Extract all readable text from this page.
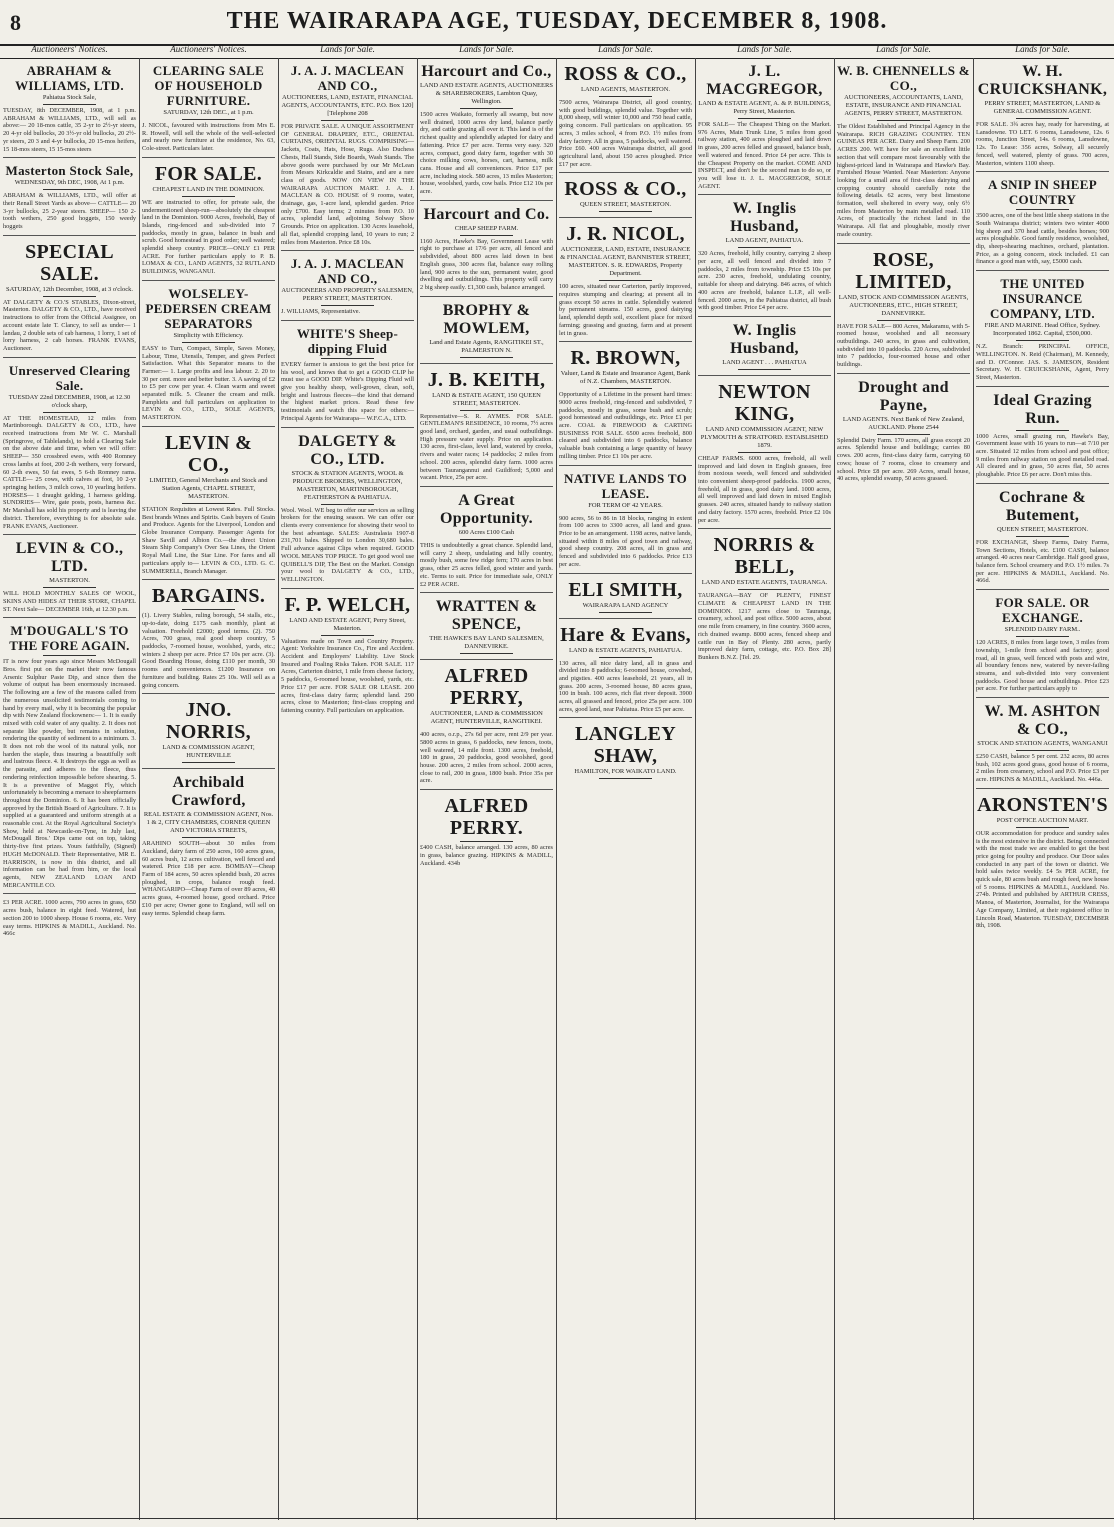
8	THE WAIRARAPA AGE, TUESDAY, DECEMBER 8, 1908.
Auctioneers' Notices.	Auctioneers' Notices.	Lands for Sale.	Lands for Sale.	Lands for Sale.	Lands for Sale.	Lands for Sale.	Lands for Sale.
ABRAHAM & WILLIAMS, LTD.
Pahiatua Stock Sale,

TUESDAY, 8th DECEMBER, 1908, at 1 p.m. ABRAHAM & WILLIAMS, LTD., will sell as above:— 20 18-mos cattle, 35 2-yr to 2½-yr steers, 20 4-yr old bullocks, 20 3½-yr old bullocks, 20 2½-yr steers, 20 3 and 4-yr bullocks, 20 15-mos heifers, 15 18-mos steers, 15 15-mos steers

Masterton Stock Sale,
WEDNESDAY, 9th DEC, 1908, At 1 p.m.

ABRAHAM & WILLIAMS, LTD., will offer at their Renall Street Yards as above— CATTLE— 20 3-yr bullocks, 25 2-year steers. SHEEP— 150 2-tooth wethers, 250 good hoggets, 150 weedy hoggets

SPECIAL SALE.
SATURDAY, 12th December, 1908, at 3 o'clock.

AT DALGETY & CO.'S STABLES, Dixon-street, Masterton. DALGETY & CO., LTD., have received instructions to offer from the Official Assignee, on account estate late T. Clancy, to sell as under— 1 landau, 2 double sets of cab harness, 1 lorry, 1 set of lorry harness, 2 cab horses. FRANK EVANS, Auctioneer.

Unreserved Clearing Sale.
TUESDAY 22nd DECEMBER, 1908, at 12.30 o'clock sharp,

AT THE HOMESTEAD, 12 miles from Martinborough. DALGETY & CO., LTD., have received instructions from Mr W. C. Marshall (Springrove, of Tablelands), to hold a Clearing Sale on the above date and time, when we will offer: SHEEP— 350 crossbred ewes, with 400 Romney cross lambs at foot, 200 2-th wethers, very forward, 60 2-th ewes, 50 fat ewes, 5 6-th Romney rams. CATTLE— 25 cows, with calves at foot, 10 2-yr springing heifers, 3 milch cows, 10 yearling heifers. HORSES— 1 draught gelding, 1 harness gelding. SUNDRIES— Wire, gate posts, posts, harness &c. Mr Marshall has sold his property and is leaving the district. Therefore, everything is for absolute sale. FRANK EVANS, Auctioneer.

LEVIN & CO., LTD.
MASTERTON.

WILL HOLD MONTHLY SALES OF WOOL, SKINS AND HIDES AT THEIR STORE, CHAPEL ST. Next Sale— DECEMBER 16th, at 12.30 p.m.

M'DOUGALL'S TO THE FORE AGAIN.

IT is now four years ago since Messrs McDougall Bros. first put on the market their now famous Arsenic Sulphur Paste Dip, and since then the volume of output has been enormously increased. The following are a few of the reasons called from the numerous unsolicited testimonials coming to hand by every mail, why it is becoming the popular dip with New Zealand flockowners:— 1. It is easily mixed with cold water of any quality. 2. It does not separate like powder, but remains in solution, rendering the quantity of sediment to a minimum. 3. It does not rob the wool of its natural yolk, nor harden the staple, thus insuring a beautifully soft and lustrous fleece. 4. It destroys the eggs as well as the parasite, and adheres to the fleece, thus rendering reinfection impossible before shearing. 5. It is a preventive of Maggot Fly, which unfortunately is becoming a menace to sheepfarmers throughout the Dominion. 6. It has been officially approved by the British Board of Agriculture. 7. It is supplied at a guaranteed and uniform strength at a reasonable cost. At the Royal Agricultural Society's Show, held at Newcastle-on-Tyne, in July last, McDougall Bros.' Dips came out on top, taking thirty-five first prizes. Yours faithfully, (Signed) HUGH McDONALD. Their Representative, MR E. HARRISON, is now in this district, and all information can be had from him, or the local agents, NEW ZEALAND LOAN AND MERCANTILE CO.

£3 PER ACRE. 1000 acres, 790 acres in grass, 650 acres bush, balance in eight feed. Watered, hut section 200 to 1000 sheep. House 6 rooms, etc. Very easy terms. HIPKINS & MADILL, Auckland. No. 466c

CLEARING SALE OF HOUSEHOLD FURNITURE.
SATURDAY, 12th DEC., at 1 p.m.

J. NICOL, favoured with instructions from Mrs E. R. Howell, will sell the whole of the well-selected and nearly new furniture at the residence, No. 63, Cole-street. Particulars later.

FOR SALE.
CHEAPEST LAND IN THE DOMINION.

WE are instructed to offer, for private sale, the undermentioned sheep-run—absolutely the cheapest land in the Dominion. 9000 Acres, freehold, Bay of Islands, ring-fenced and sub-divided into 7 paddocks, mostly in grass, balance in bush and scrub. Good homestead in good order; well watered; splendid sheep country. PRICE—ONLY £1 PER ACRE. For further particulars apply to P. B. LOMAX & CO., LAND AGENTS, 32 RUTLAND BUILDINGS, WANGANUI.

WOLSELEY-PEDERSEN CREAM SEPARATORS
Simplicity with Efficiency.

EASY to Turn, Compact, Simple, Saves Money, Labour, Time, Utensils, Temper, and gives Perfect Satisfaction. What this Separator means to the Farmer:— 1. Large profits and less labour. 2. 20 to 30 per cent. more and better butter. 3. A saving of £2 to £5 per cow per year. 4. Clean warm and sweet separated milk. 5. Cleaner the cream and milk. Pamphlets and full particulars on application to LEVIN & CO., LTD., SOLE AGENTS, MASTERTON.

LEVIN & CO.,
LIMITED, General Merchants and Stock and Station Agents, CHAPEL STREET, MASTERTON.

STATION Requisites at Lowest Rates. Full Stocks. Best brands Wines and Spirits. Cash buyers of Grain and Produce. Agents for the Liverpool, London and Globe Insurance Company. Passenger Agents for Shaw Savill and Albion Co.—the direct Union Steam Ship Company's Over Sea Lines, the Orient Royal Mail Line, the Star Line. For fares and all particulars apply to— LEVIN & CO., LTD. G. C. SUMMERELL, Branch Manager.

BARGAINS.

(1). Livery Stables, ruling borough, 54 stalls, etc., up-to-date, doing £175 cash monthly, plant at valuation. Freehold £2000; good terms. (2). 750 Acres, 700 grass, real good sheep country, 5 paddocks, 7-roomed house, woolshed, yards, etc.; winters 2 sheep per acre. Price £7 10s per acre. (3). Good Boarding House, doing £110 per month, 30 rooms and conveniences. £1200 Insurance on furniture and building. Rates 25 10s. Will sell as a going concern.

JNO. NORRIS,
LAND & COMMISSION AGENT, HUNTERVILLE
Archibald Crawford,
REAL ESTATE & COMMISSION AGENT, Nos. 1 & 2, CITY CHAMBERS, CORNER QUEEN AND VICTORIA STREETS,

ARAHINO SOUTH—about 30 miles from Auckland, dairy farm of 250 acres, 160 acres grass, 60 acres bush, 12 acres cultivation, well fenced and watered. Price £18 per acre. BOMBAY—Cheap Farm of 184 acres, 50 acres splendid bush, 20 acres ploughed, in crops, balance rough feed. WHANGARIPO—Cheap Farm of over 89 acres, 40 acres grass, 4-roomed house, good orchard. Price £10 per acre; Owner gone to England, will sell on easy terms. Splendid cheap farm.

J. A. J. MACLEAN AND CO.,
AUCTIONEERS, LAND, ESTATE, FINANCIAL AGENTS, ACCOUNTANTS, ETC. P.O. Box 120] [Telephone 208

FOR PRIVATE SALE. A UNIQUE ASSORTMENT OF GENERAL DRAPERY, ETC., ORIENTAL CURTAINS, ORIENTAL RUGS. COMPRISING—Jackets, Coats, Hats, Hose, Rugs. Also Duchess Chests, Hall Stands, Side Boards, Wash Stands. The above goods were purchased by our Mr McLean from Messrs Kirkcaldie and Stains, and are a rare class of goods. NOW ON VIEW IN THE WAIRARAPA AUCTION MART. J. A. J. MACLEAN & CO. HOUSE of 9 rooms, water, drainage, gas, 1-acre land, splendid garden. Price only £700. Easy terms; 2 minutes from P.O. 10 acres, splendid land, adjoining Solway Show Grounds. Price on application. 130 Acres leasehold, all flat, splendid cropping land, 10 years to run; 2 miles from Masterton. Price £8 10s.

J. A. J. MACLEAN AND CO.,
AUCTIONEERS AND PROPERTY SALESMEN, PERRY STREET, MASTERTON.

J. WILLIAMS, Representative.

WHITE'S Sheep-dipping Fluid

EVERY farmer is anxious to get the best price for his wool, and knows that to get a GOOD CLIP he must use a GOOD DIP. White's Dipping Fluid will give you healthy sheep, well-grown, clean, soft, bright and lustrous fleeces—the kind that demand the highest market prices. Read these few testimonials and watch this space for others:— Principal Agents for Wairarapa— W.F.C.A., LTD.

DALGETY & CO., LTD.
STOCK & STATION AGENTS, WOOL & PRODUCE BROKERS, WELLINGTON, MASTERTON, MARTINBOROUGH, FEATHERSTON & PAHIATUA.

Wool. Wool. WE beg to offer our services as selling brokers for the ensuing season. We can offer our clients every convenience for showing their wool to the best advantage. SALES: Australasia 1907-8 231,701 bales. Shipped to London 30,680 bales. Full advance against Clips when required. GOOD WOOL MEANS TOP PRICE. To get good wool use QUIBELL'S DIP, The Best on the Market. Consign your wool to DALGETY & CO., LTD., WELLINGTON.

F. P. WELCH,
LAND AND ESTATE AGENT, Perry Street, Masterton.

Valuations made on Town and Country Property. Agent: Yorkshire Insurance Co., Fire and Accident. Accident and Employers' Liability. Live Stock Insured and Foaling Risks Taken. FOR SALE. 117 Acres, Carterton district, 1 mile from cheese factory, 5 paddocks, 6-roomed house, woolshed, yards, etc. Price £17 per acre. FOR SALE OR LEASE. 200 acres, first-class dairy farm; splendid land. 290 acres, close to Masterton; first-class cropping and fattening country. Full particulars on application.

Harcourt and Co.,
LAND AND ESTATE AGENTS, AUCTIONEERS & SHAREBROKERS, Lambton Quay, Wellington.

1500 acres Waikato, formerly all swamp, but now well drained, 1000 acres dry land, balance partly dry, and cattle grazing all over it. This land is of the richest quality and splendidly adapted for dairy and fattening. Price £7 per acre. Terms very easy. 320 acres, compact, good dairy farm, together with 30 choice milking cows, horses, cart, harness, milk cans. House and all conveniences. Price £17 per acre, including stock. 580 acres, 13 miles Masterton; house, woolshed, yards, cow bails. Price £12 10s per acre.

Harcourt and Co.
CHEAP SHEEP FARM.

1160 Acres, Hawke's Bay, Government Lease with right to purchase at 17/6 per acre, all fenced and subdivided, about 800 acres laid down in best English grass, 300 acres flat, balance easy rolling land, 900 acres to the sun, permanent water, good dwelling and outbuildings. This property will carry 2 big sheep easily. £1,300 cash, balance arranged.

BROPHY & MOWLEM,
Land and Estate Agents, RANGITIKEI ST., PALMERSTON N.
J. B. KEITH,
LAND & ESTATE AGENT, 150 QUEEN STREET, MASTERTON.

Representative—S. R. AYMES. FOR SALE. GENTLEMAN'S RESIDENCE, 10 rooms, 7½ acres good land, orchard, garden, and usual outbuildings. High pressure water supply. Price on application. 130 acres, first-class, level land, watered by creeks, rivers and water races; 14 paddocks; 2 miles from school. 200 acres, splendid dairy farm. 1000 acres between Taurangannui and Guildford; 5,000 and vacant. Price, 25s per acre.

A Great Opportunity.
600 Acres £100 Cash

THIS is undoubtedly a great chance. Splendid land, will carry 2 sheep, undulating and hilly country, mostly bush, some few ridge fern; 170 acres in best grass, other 25 acres felled, good winter and yards. etc. Terms to suit. Price for immediate sale, ONLY £2 PER ACRE.

WRATTEN & SPENCE,
THE HAWKE'S BAY LAND SALESMEN, DANNEVIRKE.
ALFRED PERRY,
AUCTIONEER, LAND & COMMISSION AGENT, HUNTERVILLE, RANGITIKEI.

400 acres, o.r.p., 27s 6d per acre, rent 2/9 per year. 5800 acres in grass, 6 paddocks, new fences, toots, well watered, 14 mile front. 1300 acres, freehold, 180 in grass, 20 paddocks, good woolshed, good house. 200 acres, 2 miles from school. 2000 acres, close to rail, 200 in grass, 1800 bush. Price 35s per acre.

ALFRED PERRY.

£400 CASH, balance arranged. 130 acres, 80 acres in grass, balance grazing. HIPKINS & MADILL, Auckland. 434b

ROSS & CO.,
LAND AGENTS, MASTERTON.

7500 acres, Wairarapa District, all good country, with good buildings, splendid value. Together with 8,000 sheep, will winter 10,000 and 750 head cattle, going concern. Full particulars on application. 95 acres, 3 miles school, 4 from P.O. 1½ miles from dairy factory. All in grass, 5 paddocks, well watered. Price £60. 400 acres Wairarapa district, all good agricultural land, about 150 acres ploughed. Price £17 per acre.

ROSS & CO.,
QUEEN STREET, MASTERTON.
J. R. NICOL,
AUCTIONEER, LAND, ESTATE, INSURANCE & FINANCIAL AGENT, BANNISTER STREET, MASTERTON. S. R. EDWARDS, Property Department.

100 acres, situated near Carterton, partly improved, requires stumping and clearing; at present all in grass except 50 acres in cattle. Splendidly watered by permanent streams. 150 acres, good dairying land, splendid depth soil, excellent place for mixed farming; grassing and grazing, farm and at present let in grass.

R. BROWN,
Valuer, Land & Estate and Insurance Agent, Bank of N.Z. Chambers, MASTERTON.

Opportunity of a Lifetime in the present hard times: 9000 acres freehold, ring-fenced and subdivided, 7 paddocks, mostly in grass, some bush and scrub; good homestead and outbuildings, etc. Price £1 per acre. COAL & FIREWOOD & CARTING BUSINESS FOR SALE. 6500 acres freehold, 800 cleared and subdivided into 6 paddocks, balance valuable bush containing a large quantity of heavy milling timber. Price £1 10s per acre.

NATIVE LANDS TO LEASE.
FOR TERM OF 42 YEARS.

900 acres, 56 to 86 in 18 blocks, ranging in extent from 100 acres to 3300 acres, all land and grass. Price to be an arrangement. 1198 acres, native lands, situated within 8 miles of good town and railway, good sheep country. 208 acres, all in grass and fenced and subdivided into 6 paddocks. Price £13 per acre.

ELI SMITH,
WAIRARAPA LAND AGENCY
Hare & Evans,
LAND & ESTATE AGENTS, PAHIATUA.

130 acres, all nice dairy land, all in grass and divided into 8 paddocks; 6-roomed house, cowshed, and pigsties. 400 acres leasehold, 21 years, all in grass. 200 acres, 3-roomed house, 80 acres grass, 100 in bush. 100 acres, rich flat river deposit. 3900 acres, all grassed and fenced, price 25s per acre. 100 acres, good land, near Pahiatua. Price £5 per acre.

LANGLEY SHAW,
HAMILTON, FOR WAIKATO LAND.
J. L. MACGREGOR,
LAND & ESTATE AGENT, A. & P. BUILDINGS, Perry Street, Masterton.

FOR SALE— The Cheapest Thing on the Market. 976 Acres, Main Trunk Line, 5 miles from good railway station, 400 acres ploughed and laid down in grass, 200 acres felled and grassed, balance bush, well watered and fenced. Price £4 per acre. This is the Cheapest Property on the market. COME AND INSPECT, and don't be the second man to do so, or you will lose it. J. L. MACGREGOR, SOLE AGENT.

W. Inglis Husband,
LAND AGENT, PAHIATUA.

320 Acres, freehold, hilly country, carrying 2 sheep per acre, all well fenced and divided into 7 paddocks, 2 miles from township. Price £5 10s per acre. 230 acres, freehold, undulating country, suitable for sheep and dairying. 846 acres, of which 400 acres are freehold, balance L.I.P., all well-fenced. 2000 acres, in the Pahiatua district, all bush with good timber. Price £4 per acre.

W. Inglis Husband,
LAND AGENT . . . PAHIATUA
NEWTON KING,
LAND AND COMMISSION AGENT, NEW PLYMOUTH & STRATFORD. ESTABLISHED 1879.

CHEAP FARMS. 6000 acres, freehold, all well improved and laid down in English grasses, free from noxious weeds, well fenced and subdivided into convenient sheep-proof paddocks. 1900 acres, freehold, all in grass, good dairy land. 1000 acres, all well improved and laid down in mixed English grasses. 240 acres, situated handy to railway station and dairy factory. 1570 acres, freehold. Price £2 10s per acre.

NORRIS & BELL,
LAND AND ESTATE AGENTS, TAURANGA.

TAURANGA—BAY OF PLENTY, FINEST CLIMATE & CHEAPEST LAND IN THE DOMINION. 1217 acres close to Tauranga, creamery, school, and post office. 5000 acres, about one mile from creamery, in fine country. 3600 acres, rich drained swamp. 8000 acres, fenced sheep and cattle run in Bay of Plenty. 280 acres, partly improved dairy farm, cottage, etc. P.O. Box 28] Bunkers B.N.Z. [Tel. 29.

W. B. CHENNELLS & CO.,
AUCTIONEERS, ACCOUNTANTS, LAND, ESTATE, INSURANCE AND FINANCIAL AGENTS, PERRY STREET, MASTERTON.

The Oldest Established and Principal Agency in the Wairarapa. RICH GRAZING COUNTRY. TEN GUINEAS PER ACRE. Dairy and Sheep Farm. 200 ACRES 200. WE have for sale an excellent little section that will compare most favourably with the highest-priced land in Wairarapa and Hawke's Bay. Furnished House Wanted. Near Masterton: Anyone looking for a small area of first-class dairying and cropping country should carefully note the following details. 62 acres, very best limestone formation, well sheltered in every way, only 6½ miles from Masterton by main metalled road. 110 Acres, of practically the richest land in the Wairarapa. All flat and ploughable, mostly river made country.

ROSE, LIMITED,
LAND, STOCK AND COMMISSION AGENTS, AUCTIONEERS, ETC., HIGH STREET, DANNEVIRKE.

HAVE FOR SALE— 800 Acres, Makaramu, with 5-roomed house, woolshed and all necessary outbuildings. 240 acres, in grass and cultivation, subdivided into 10 paddocks. 220 Acres, subdivided into 7 paddocks, four-roomed house and other buildings.

Drought and Payne,
LAND AGENTS. Next Bank of New Zealand, AUCKLAND. Phone 2544

Splendid Dairy Farm. 170 acres, all grass except 20 acres. Splendid house and buildings; carries 80 cows. 200 acres, first-class dairy farm, carrying 60 cows; house of 7 rooms, close to creamery and school. Price £8 per acre. 269 Acres, small house, 40 acres, splendid swamp, 50 acres grassed.

W. H. CRUICKSHANK,
PERRY STREET, MASTERTON, LAND & GENERAL COMMISSION AGENT.

FOR SALE. 3¾ acres hay, ready for harvesting, at Lansdowne. TO LET. 6 rooms, Lansdowne, 12s. 6 rooms, Junction Street, 14s. 6 rooms, Lansdowne, 12s. To Lease: 356 acres, Solway, all securely fenced, well watered, plenty of grass. 700 acres, Masterton, winters 1100 sheep.

A SNIP IN SHEEP COUNTRY

3500 acres, one of the best little sheep stations in the South Wairarapa district; winters two winter 4000 big sheep and 370 head cattle, besides horses; 900 acres ploughable. Good family residence, woolshed, dip, sheep-shearing machines, orchard, plantation. Price, as a going concern, stock included. £1 can finance a good man with, say, £5000 cash.

THE UNITED INSURANCE COMPANY, LTD.
FIRE AND MARINE. Head Office, Sydney. Incorporated 1862. Capital, £500,000.

N.Z. Branch: PRINCIPAL OFFICE, WELLINGTON. N. Reid (Chairman), M. Kennedy, and D. O'Connor. JAS. S. JAMESON, Resident Secretary. W. H. CRUICKSHANK, Agent, Perry Street, Masterton.

Ideal Grazing Run.

1000 Acres, small grazing run, Hawke's Bay, Government lease with 16 years to run—at 7/10 per acre. Situated 12 miles from school and post office; 9 miles from railway station on good metalled road. All cleared and in grass, 50 acres flat, 50 acres ploughable. Price £6 per acre. Don't miss this.

Cochrane & Butement,
QUEEN STREET, MASTERTON.

FOR EXCHANGE, Sheep Farms, Dairy Farms, Town Sections, Hotels, etc. £100 CASH, balance arranged. 40 acres near Cambridge. Half good grass, balance fern. School creamery and P.O. 1½ miles. 7s per acre. HIPKINS & MADILL, Auckland. No. 466d.

FOR SALE. OR EXCHANGE.
SPLENDID DAIRY FARM..

120 ACRES, 8 miles from large town, 3 miles from township, 1-mile from school and factory; good road, all in grass, well fenced with posts and wire, all boundary fences new, watered by never-failing streams, and sub-divided into very convenient paddocks. Good house and outbuildings. Price £23 per acre. For further particulars apply to

W. M. ASHTON & CO.,
STOCK AND STATION AGENTS, WANGANUI

£250 CASH, balance 5 per cent. 232 acres, 80 acres bush, 102 acres good grass, good house of 6 rooms, 2 miles from creamery, school and P.O. Price £3 per acre. HIPKINS & MADILL, Auckland. No. 446a.

ARONSTEN'S
POST OFFICE AUCTION MART.

OUR accommodation for produce and sundry sales is the most extensive in the district. Being connected with the most trade we are enabled to get the best price going for poultry and produce. Our Door sales conducted in any part of the town or district. We hold sales twice weekly. £4 5s PER ACRE, for quick sale, 80 acres bush and rough feed, new house of 5 rooms. HIPKINS & MADILL, Auckland. No. 274b. Printed and published by ARTHUR CRESS, Manoa, of Masterton, Journalist, for the Wairarapa Age Company, Limited, at their registered office in Lincoln Road, Masterton. TUESDAY, DECEMBER 8th, 1908.
